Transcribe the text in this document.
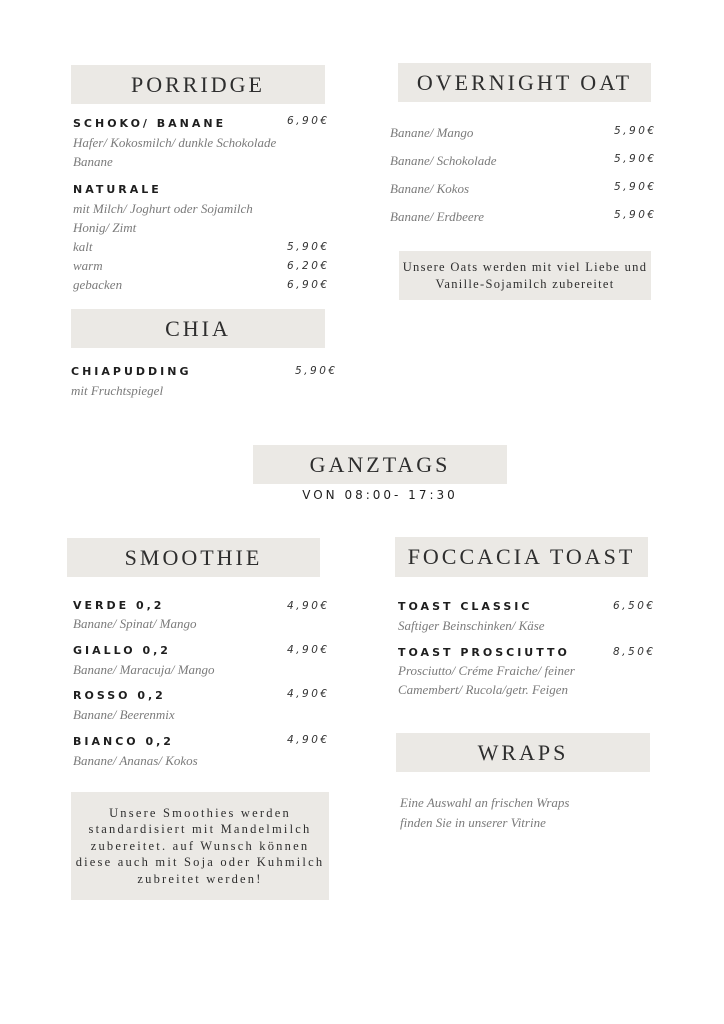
PORRIDGE
SCHOKO/ BANANE	6,90€
Hafer/ Kokosmilch/ dunkle Schokolade
Banane
NATURALE
mit Milch/ Joghurt oder Sojamilch
Honig/ Zimt
kalt	5,90€
warm	6,20€
gebacken	6,90€
CHIA
CHIAPUDDING	5,90€
mit Fruchtspiegel
OVERNIGHT OAT
Banane/ Mango	5,90€
Banane/ Schokolade	5,90€
Banane/ Kokos	5,90€
Banane/ Erdbeere	5,90€
Unsere Oats werden mit viel Liebe und
Vanille-Sojamilch zubereitet
GANZTAGS
VON 08:00- 17:30
SMOOTHIE
VERDE 0,2	4,90€
Banane/ Spinat/ Mango
GIALLO 0,2	4,90€
Banane/ Maracuja/ Mango
ROSSO 0,2	4,90€
Banane/ Beerenmix
BIANCO 0,2	4,90€
Banane/ Ananas/ Kokos
Unsere Smoothies werden
standardisiert mit Mandelmilch
zubereitet. auf Wunsch können
diese auch mit Soja oder Kuhmilch
zubreitet werden!
FOCCACIA TOAST
TOAST CLASSIC	6,50€
Saftiger Beinschinken/ Käse
TOAST PROSCIUTTO	8,50€
Prosciutto/ Créme Fraiche/ feiner
Camembert/ Rucola/getr. Feigen
WRAPS
Eine Auswahl an frischen Wraps
finden Sie in unserer Vitrine
